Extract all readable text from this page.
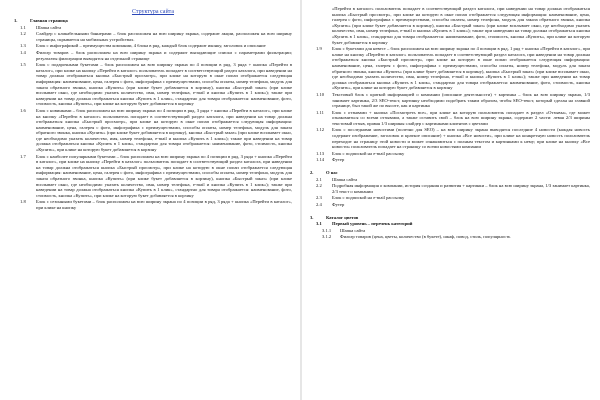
Структура сайта
1.	Главная страница
1.1	Шапка сайта
1.2	Слайдер с кликабельными баннерами – блок расположен на всю ширину экрана, содержит акции, расположен на всю ширину страницы, скрывается на мобильных устройствах.
1.3	Блок с инфографикой – преимущества компании, 4 блока в ряд, каждый блок содержит иконку, заголовок и описание
1.4	Фильтр товаров – блок расположен на всю ширину экрана и содержит выпадающие списки с параметрами фильтрации; результаты фильтрации выводятся на отдельной странице
1.5	Блок с подарочными букетами – блок расположен на всю ширину экрана по 4 позиции в ряд, 3 ряда + кнопка «Перейти в каталог», при клике на кнопку «Перейти в каталог» пользователь попадает в соответствующий раздел каталога, при наведении на товар должна отображаться кнопка «Быстрый просмотр», при клике на которую в окне попап отображается следующая информация: наименование, цена, галерея с фото, инфографика с преимуществами, способы оплаты, номер телефона, модуль для заказа обратного звонка, кнопка «Купить» (при клике букет добавляется в корзину), кнопка «Быстрый заказ» (при клике всплывает окно, где необходимо указать количество, имя, номер телефона, e-mail и кнопка «Купить в 1 клик»); также при наведении на товар должна отображаться кнопка «Купить в 1 клик», стандартно для товара отображается: наименование, фото, стоимость, кнопка «Купить», при клике на которую букет добавляется в корзину
1.6	Блок с новинками – блок расположен на всю ширину экрана по 4 позиции в ряд, 3 ряда + кнопка «Перейти в каталог», при клике на кнопку «Перейти в каталог» пользователь попадает в соответствующий раздел каталога, при наведении на товар должна отображаться кнопка «Быстрый просмотр», при клике на которую в окне попап отображается следующая информация: наименование, цена, галерея с фото, инфографика с преимуществами, способы оплаты, номер телефона, модуль для заказа обратного звонка, кнопка «Купить» (при клике букет добавляется в корзину), кнопка «Быстрый заказ» (при клике всплывает окно, где необходимо указать количество, имя, номер телефона, e-mail и кнопка «Купить в 1 клик»); также при наведении на товар должна отображаться кнопка «Купить в 1 клик», стандартно для товара отображается: наименование, фото, стоимость, кнопка «Купить», при клике на которую букет добавляется в корзину
1.7	Блок с наиболее популярными букетами – блок расположен на всю ширину экрана по 4 позиции в ряд, 3 ряда + кнопка «Перейти в каталог», при клике на кнопку «Перейти в каталог» пользователь попадает в соответствующий раздел каталога, при наведении на товар должна отображаться кнопка «Быстрый просмотр», при клике на которую в окне попап отображается следующая информация: наименование, цена, галерея с фото, инфографика с преимуществами, способы оплаты, номер телефона, модуль для заказа обратного звонка, кнопка «Купить» (при клике букет добавляется в корзину), кнопка «Быстрый заказ» (при клике всплывает окно, где необходимо указать количество, имя, номер телефона, e-mail и кнопка «Купить в 1 клик»); также при наведении на товар должна отображаться кнопка «Купить в 1 клик», стандартно для товара отображается: наименование, фото, стоимость, кнопка «Купить», при клике на которую букет добавляется в корзину
1.8	Блок с сезонными букетами – блок расположен на всю ширину экрана по 4 позиции в ряд, 3 ряда + кнопка «Перейти в каталог», при клике на кнопку
«Перейти в каталог» пользователь попадает в соответствующий раздел каталога, при наведении на товар должна отображаться кнопка «Быстрый просмотр», при клике на которую в окне попап отображается следующая информация: наименование, цена, галерея с фото, инфографика с преимуществами, способы оплаты, номер телефона, модуль для заказа обратного звонка, кнопка «Купить» (при клике букет добавляется в корзину), кнопка «Быстрый заказ» (при клике всплывает окно, где необходимо указать количество, имя, номер телефона, e-mail и кнопка «Купить в 1 клик»); также при наведении на товар должна отображаться кнопка «Купить в 1 клик», стандартно для товара отображается: наименование, фото, стоимость, кнопка «Купить», при клике на которую букет добавляется в корзину
1.9	Блок с букетами для невест – блок расположен на всю ширину экрана по 4 позиции в ряд, 1 ряд + кнопка «Перейти в каталог», при клике на кнопку «Перейти в каталог» пользователь попадает в соответствующий раздел каталога, при наведении на товар должна отображаться кнопка «Быстрый просмотр», при клике на которую в окне попап отображается следующая информация: наименование, цена, галерея с фото, инфографика с преимуществами, способы оплаты, номер телефона, модуль для заказа обратного звонка, кнопка «Купить» (при клике букет добавляется в корзину), кнопка «Быстрый заказ» (при клике всплывает окно, где необходимо указать количество, имя, номер телефона, e-mail и кнопка «Купить в 1 клик»); также при наведении на товар должна отображаться кнопка «Купить в 1 клик», стандартно для товара отображается: наименование, фото, стоимость, кнопка «Купить», при клике на которую букет добавляется в корзину
1.10	Текстовый блок с краткой информацией о компании (описание деятельности) + картинка – блок на всю ширину экрана, 1/3 занимает картинка, 2/3 SEO-текст, картинку необходимо подобрать таким образом, чтобы SEO-текст, который сделан на главной странице, был такой же по высоте, как и картинка
1.11	Блок с отзывами + кнопка «Посмотреть все», при клике на которую пользователь попадает в раздел «Отзывы», где может ознакомиться со всеми отзывами, а также оставить свой – блок на всю ширину экрана, содержит 2 части: левая 2/3 ширины текстовый отзыв, правая 1/3 ширины слайдер с картинками клиентов с цветами
1.12	Блок с последними новостями (полезно для SEO) – на всю ширину экрана выводятся последние 4 новости (каждая новость содержит изображение, заголовок и краткое описание) + кнопка «Все новости», при клике на конкретную новость пользователь переходит на страницу этой новости и может ознакомиться с полным текстом и картинками к нему; при клике на кнопку «Все новости» пользователь попадает на страницу со всеми новостями компании
1.13	Блок с подпиской на e-mail рассылку
1.14	Футер
2.	О нас
2.1	Шапка сайта
2.2	Подробная информация о компании, история создания и развития + картинки – блок на всю ширину экрана, 1/3 занимает картинка, 2/3 текст о компании
2.3	Блок с подпиской на e-mail рассылку
2.4	Футер
3.	Каталог цветов
3.1	Первый уровень – перечень категорий
3.1.1	Шапка сайта
3.1.2	Фильтр товаров (цена, цветы, количество (в букете), шкаф, повод, стиль, популярность
